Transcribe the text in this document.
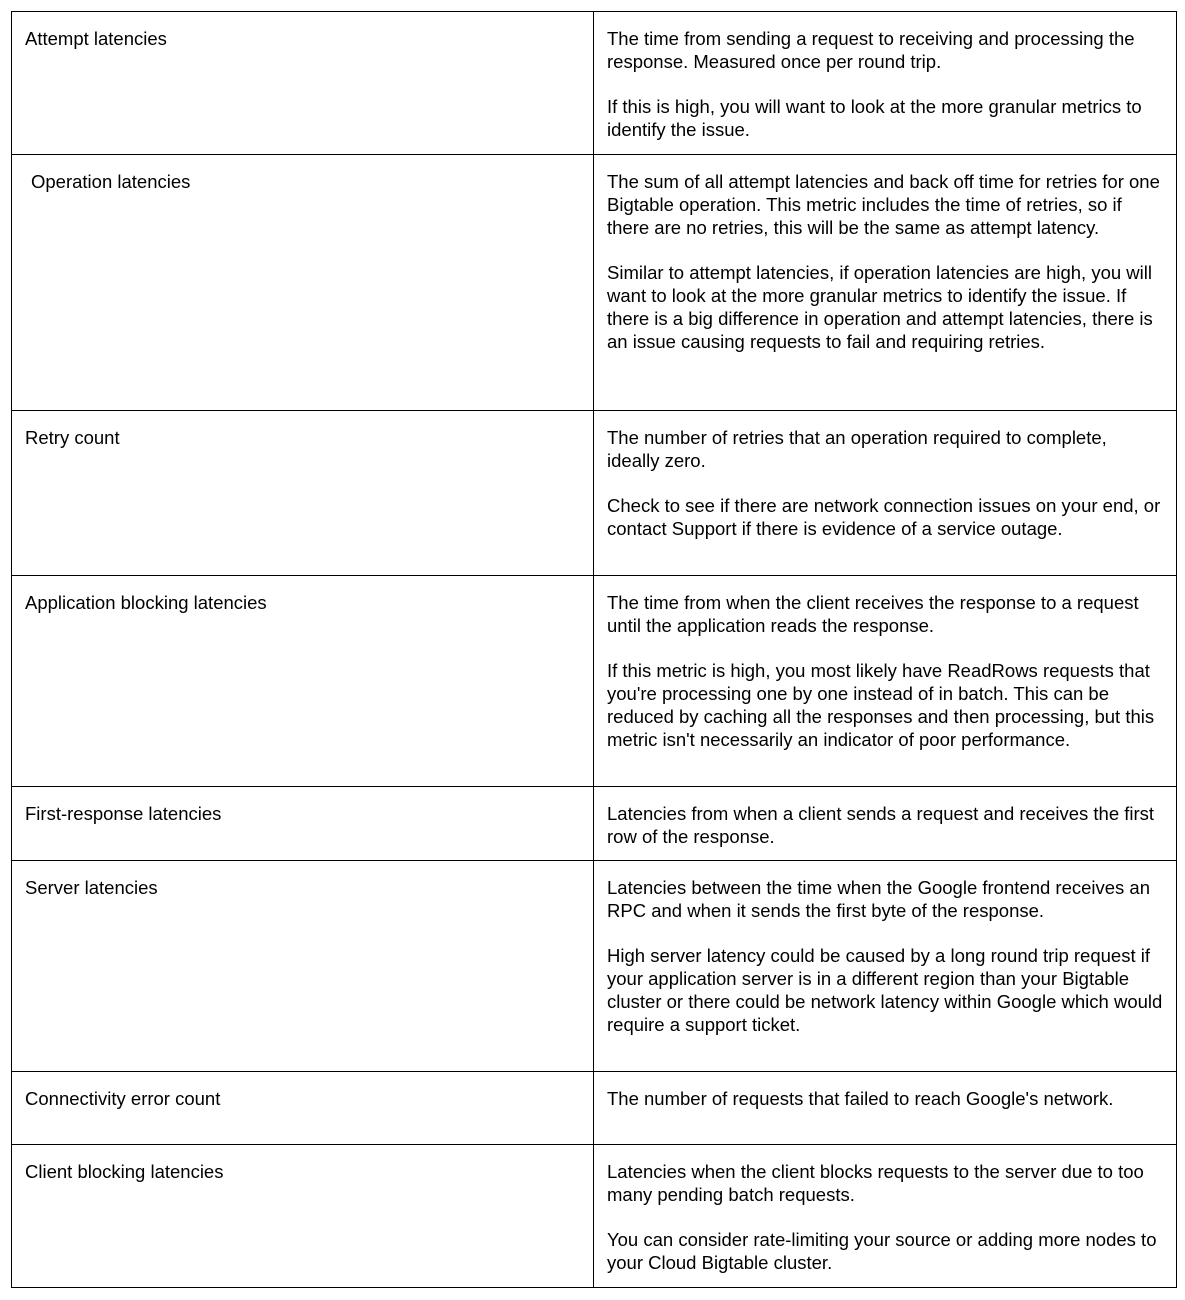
Attempt latencies	The time from sending a request to receiving and processing the response. Measured once per round trip.

If this is high, you will want to look at the more granular metrics to identify the issue.

Operation latencies	The sum of all attempt latencies and back off time for retries for one Bigtable operation. This metric includes the time of retries, so if there are no retries, this will be the same as attempt latency.

Similar to attempt latencies, if operation latencies are high, you will want to look at the more granular metrics to identify the issue. If there is a big difference in operation and attempt latencies, there is an issue causing requests to fail and requiring retries.

Retry count	The number of retries that an operation required to complete, ideally zero.

Check to see if there are network connection issues on your end, or contact Support if there is evidence of a service outage.

Application blocking latencies	The time from when the client receives the response to a request until the application reads the response.

If this metric is high, you most likely have ReadRows requests that you're processing one by one instead of in batch. This can be reduced by caching all the responses and then processing, but this metric isn't necessarily an indicator of poor performance.

First-response latencies	Latencies from when a client sends a request and receives the first row of the response.

Server latencies	Latencies between the time when the Google frontend receives an RPC and when it sends the first byte of the response.

High server latency could be caused by a long round trip request if your application server is in a different region than your Bigtable cluster or there could be network latency within Google which would require a support ticket.

Connectivity error count	The number of requests that failed to reach Google's network.

Client blocking latencies	Latencies when the client blocks requests to the server due to too many pending batch requests.

You can consider rate-limiting your source or adding more nodes to your Cloud Bigtable cluster.
